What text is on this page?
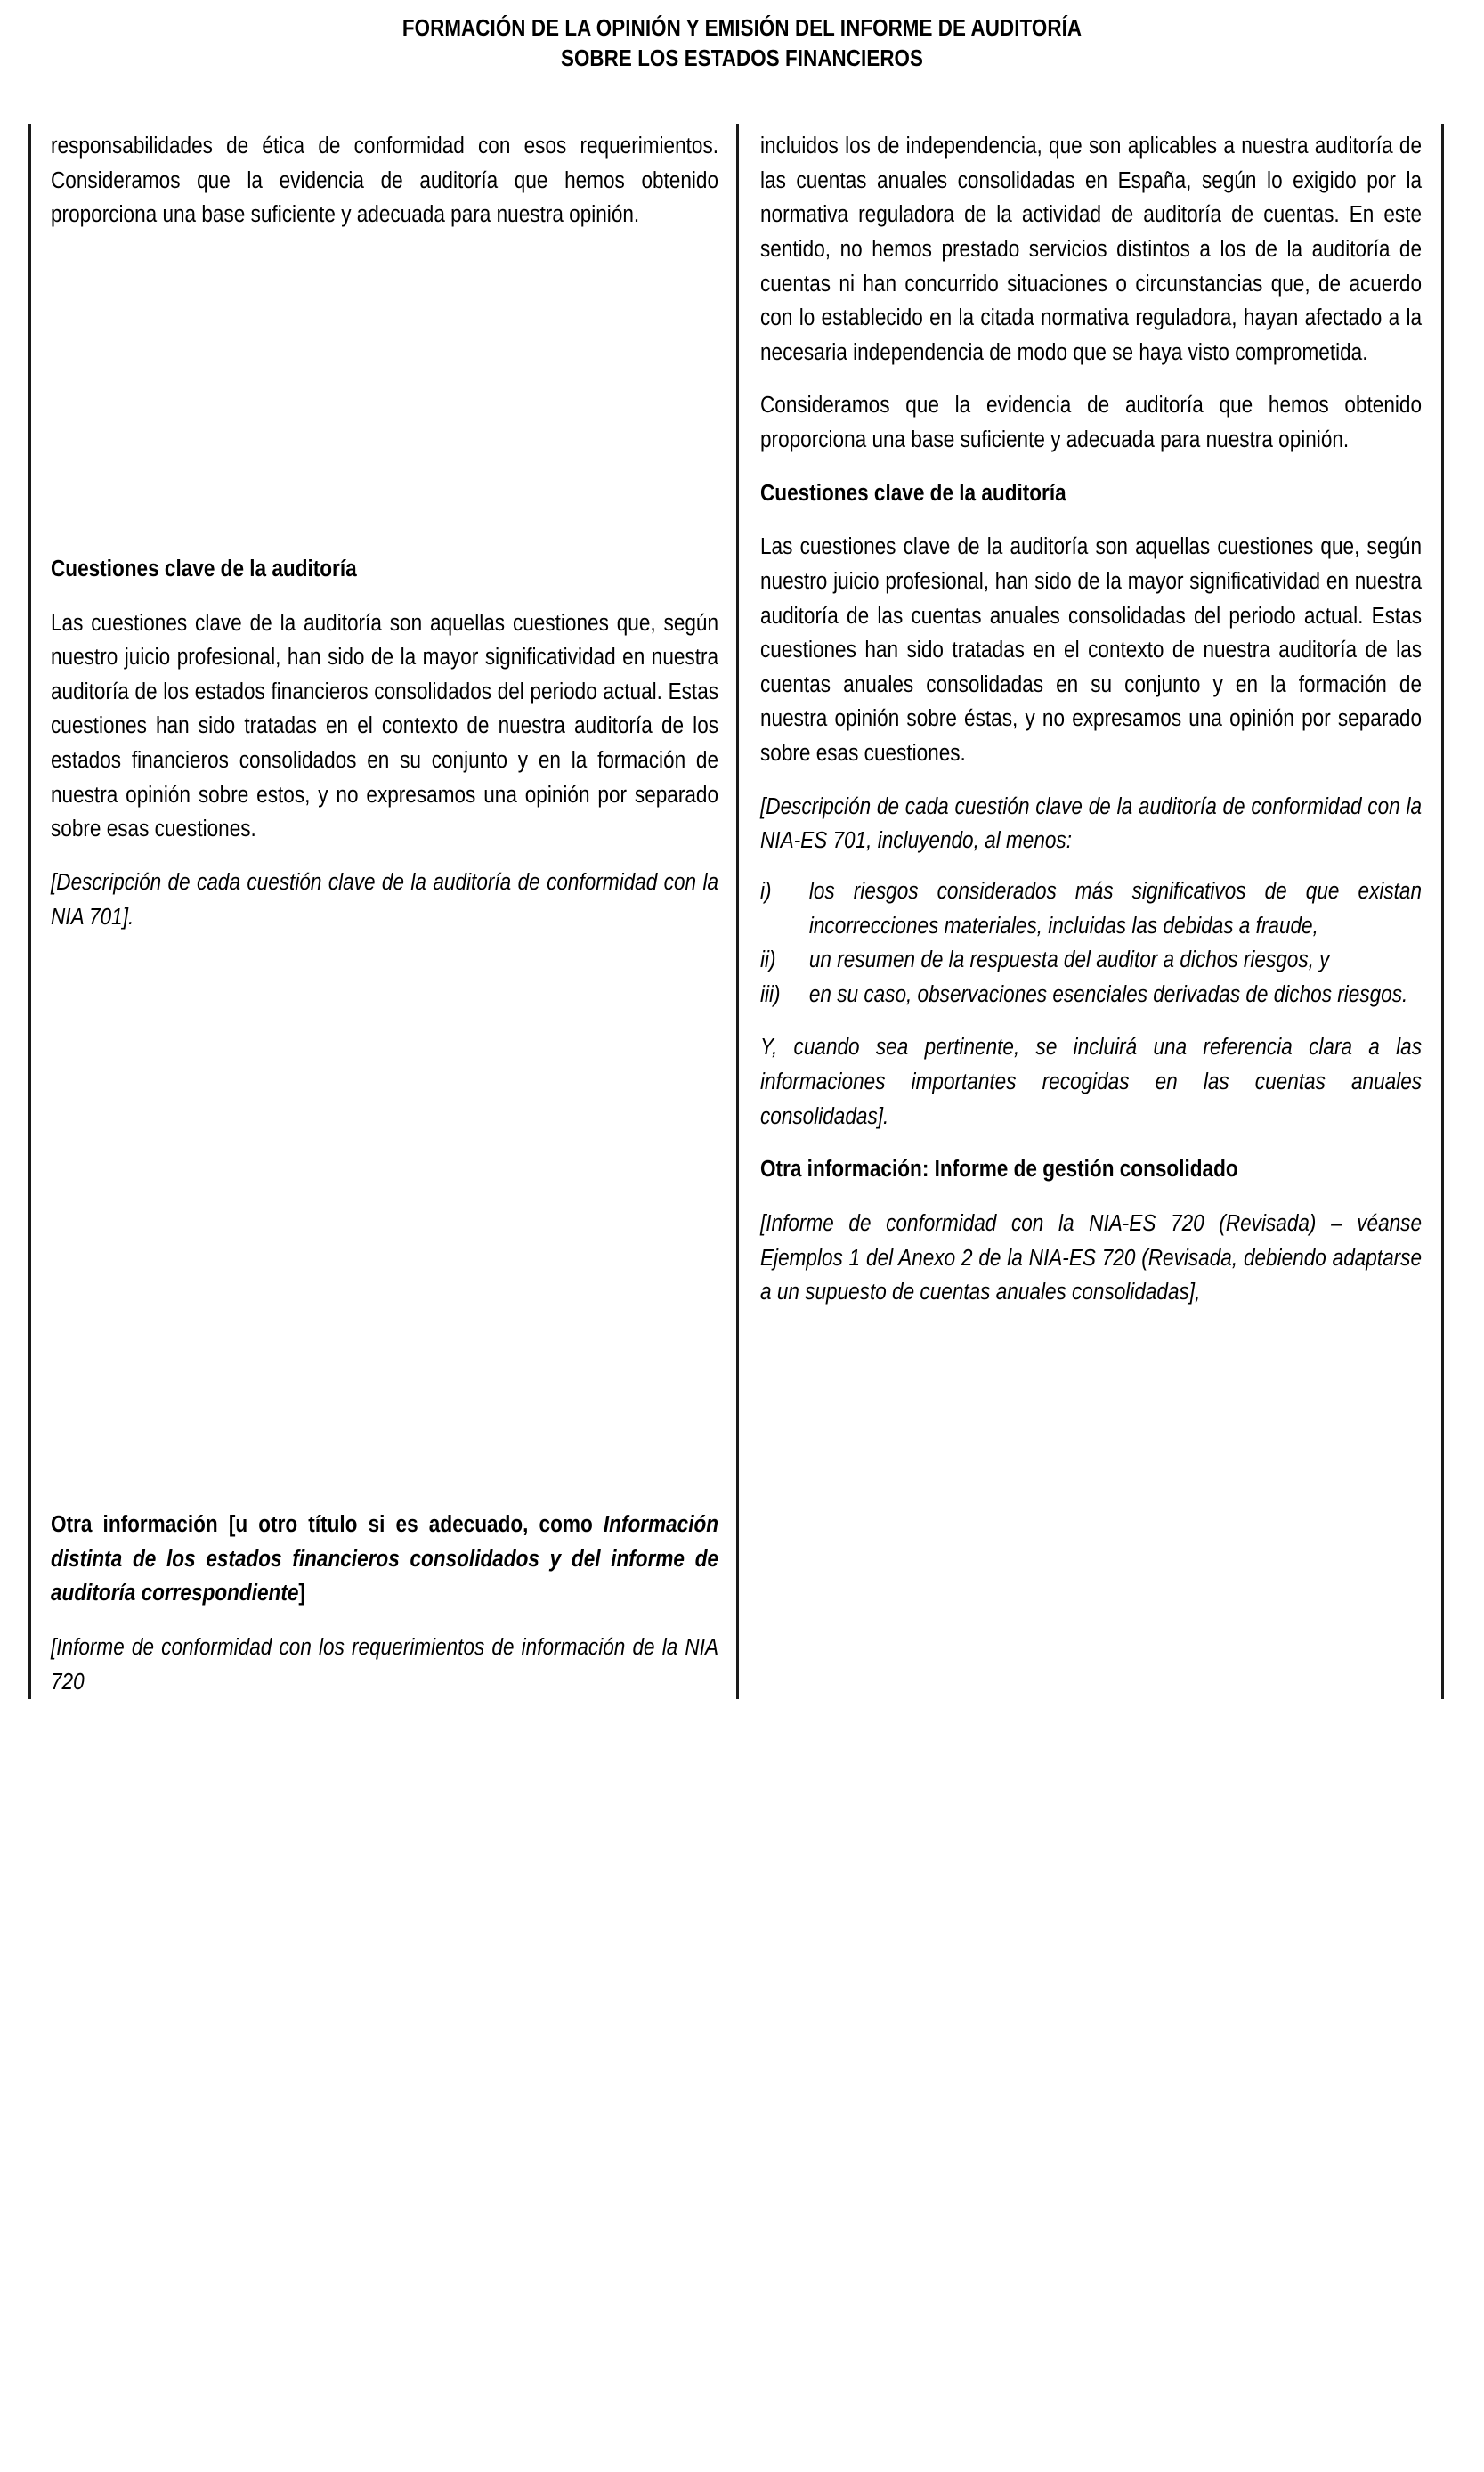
FORMACIÓN DE LA OPINIÓN Y EMISIÓN DEL INFORME DE AUDITORÍA
SOBRE LOS ESTADOS FINANCIEROS

responsabilidades de ética de conformidad con esos requerimientos. Consideramos que la evidencia de auditoría que hemos obtenido proporciona una base suficiente y adecuada para nuestra opinión.

Cuestiones clave de la auditoría

Las cuestiones clave de la auditoría son aquellas cuestiones que, según nuestro juicio profesional, han sido de la mayor significatividad en nuestra auditoría de los estados financieros consolidados del periodo actual. Estas cuestiones han sido tratadas en el contexto de nuestra auditoría de los estados financieros consolidados en su conjunto y en la formación de nuestra opinión sobre estos, y no expresamos una opinión por separado sobre esas cuestiones.

[Descripción de cada cuestión clave de la auditoría de conformidad con la NIA 701].

Otra información [u otro título si es adecuado, como Información distinta de los estados financieros consolidados y del informe de auditoría correspondiente]

[Informe de conformidad con los requerimientos de información de la NIA 720

incluidos los de independencia, que son aplicables a nuestra auditoría de las cuentas anuales consolidadas en España, según lo exigido por la normativa reguladora de la actividad de auditoría de cuentas. En este sentido, no hemos prestado servicios distintos a los de la auditoría de cuentas ni han concurrido situaciones o circunstancias que, de acuerdo con lo establecido en la citada normativa reguladora, hayan afectado a la necesaria independencia de modo que se haya visto comprometida.

Consideramos que la evidencia de auditoría que hemos obtenido proporciona una base suficiente y adecuada para nuestra opinión.

Cuestiones clave de la auditoría

Las cuestiones clave de la auditoría son aquellas cuestiones que, según nuestro juicio profesional, han sido de la mayor significatividad en nuestra auditoría de las cuentas anuales consolidadas del periodo actual. Estas cuestiones han sido tratadas en el contexto de nuestra auditoría de las cuentas anuales consolidadas en su conjunto y en la formación de nuestra opinión sobre éstas, y no expresamos una opinión por separado sobre esas cuestiones.

[Descripción de cada cuestión clave de la auditoría de conformidad con la NIA-ES 701, incluyendo, al menos:

i)	los riesgos considerados más significativos de que existan incorrecciones materiales, incluidas las debidas a fraude,
ii)	un resumen de la respuesta del auditor a dichos riesgos, y
iii)	en su caso, observaciones esenciales derivadas de dichos riesgos.

Y, cuando sea pertinente, se incluirá una referencia clara a las informaciones importantes recogidas en las cuentas anuales consolidadas].

Otra información: Informe de gestión consolidado

[Informe de conformidad con la NIA-ES 720 (Revisada) – véanse Ejemplos 1 del Anexo 2 de la NIA-ES 720 (Revisada, debiendo adaptarse a un supuesto de cuentas anuales consolidadas],
